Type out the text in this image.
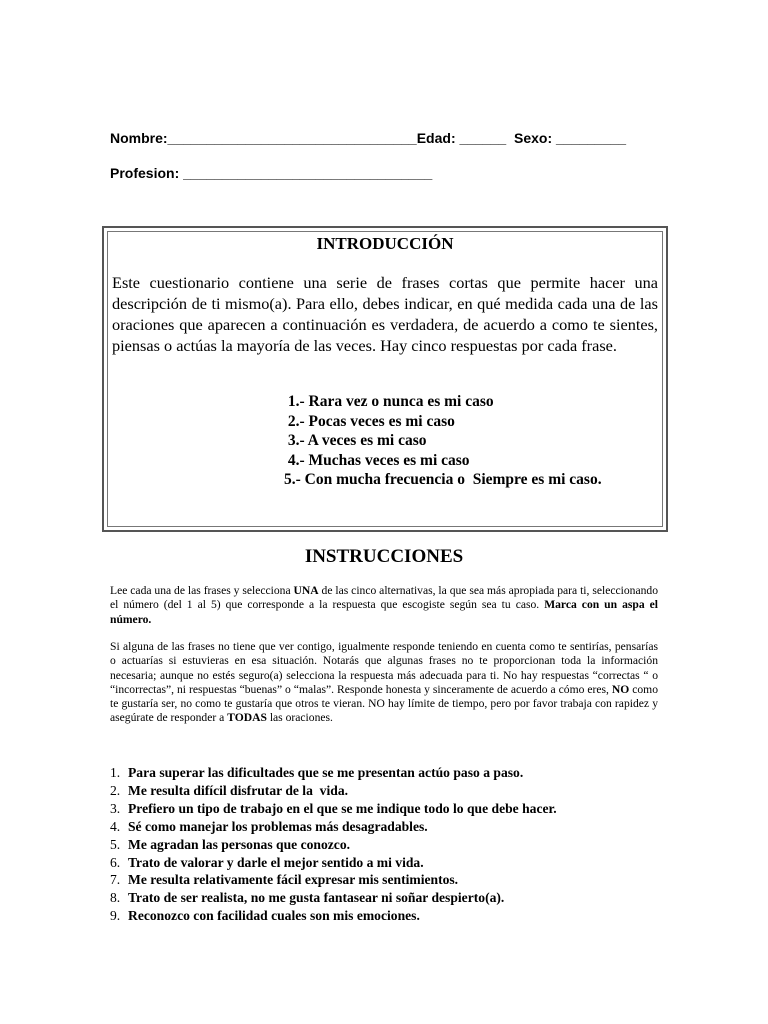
Nombre:________________________________Edad: ______  Sexo: _________
Profesion: ________________________________
INTRODUCCIÓN
Este cuestionario contiene una serie de frases cortas que permite hacer una descripción de ti mismo(a). Para ello, debes indicar, en qué medida cada una de las oraciones que aparecen a continuación es verdadera, de acuerdo a como te sientes, piensas o actúas la mayoría de las veces. Hay cinco respuestas por cada frase.
1.- Rara vez o nunca es mi caso
2.- Pocas veces es mi caso
3.- A veces es mi caso
4.- Muchas veces es mi caso
5.- Con mucha frecuencia o  Siempre es mi caso.
INSTRUCCIONES
Lee cada una de las frases y selecciona UNA de las cinco alternativas, la que sea más apropiada para ti, seleccionando el número (del 1 al 5) que corresponde a la respuesta que escogiste según sea tu caso. Marca con un aspa el número.
Si alguna de las frases no tiene que ver contigo, igualmente responde teniendo en cuenta como te sentirías, pensarías o actuarías si estuvieras en esa situación. Notarás que algunas frases no te proporcionan toda la información necesaria; aunque no estés seguro(a) selecciona la respuesta más adecuada para ti. No hay respuestas “correctas “ o “incorrectas”, ni respuestas “buenas” o “malas”. Responde honesta y sinceramente de acuerdo a cómo eres, NO como te gustaría ser, no como te gustaría que otros te vieran. NO hay límite de tiempo, pero por favor trabaja con rapidez y asegúrate de responder a TODAS las oraciones.
1. Para superar las dificultades que se me presentan actúo paso a paso.
2. Me resulta difícil disfrutar de la  vida.
3. Prefiero un tipo de trabajo en el que se me indique todo lo que debe hacer.
4. Sé como manejar los problemas más desagradables.
5. Me agradan las personas que conozco.
6. Trato de valorar y darle el mejor sentido a mi vida.
7. Me resulta relativamente fácil expresar mis sentimientos.
8. Trato de ser realista, no me gusta fantasear ni soñar despierto(a).
9. Reconozco con facilidad cuales son mis emociones.
